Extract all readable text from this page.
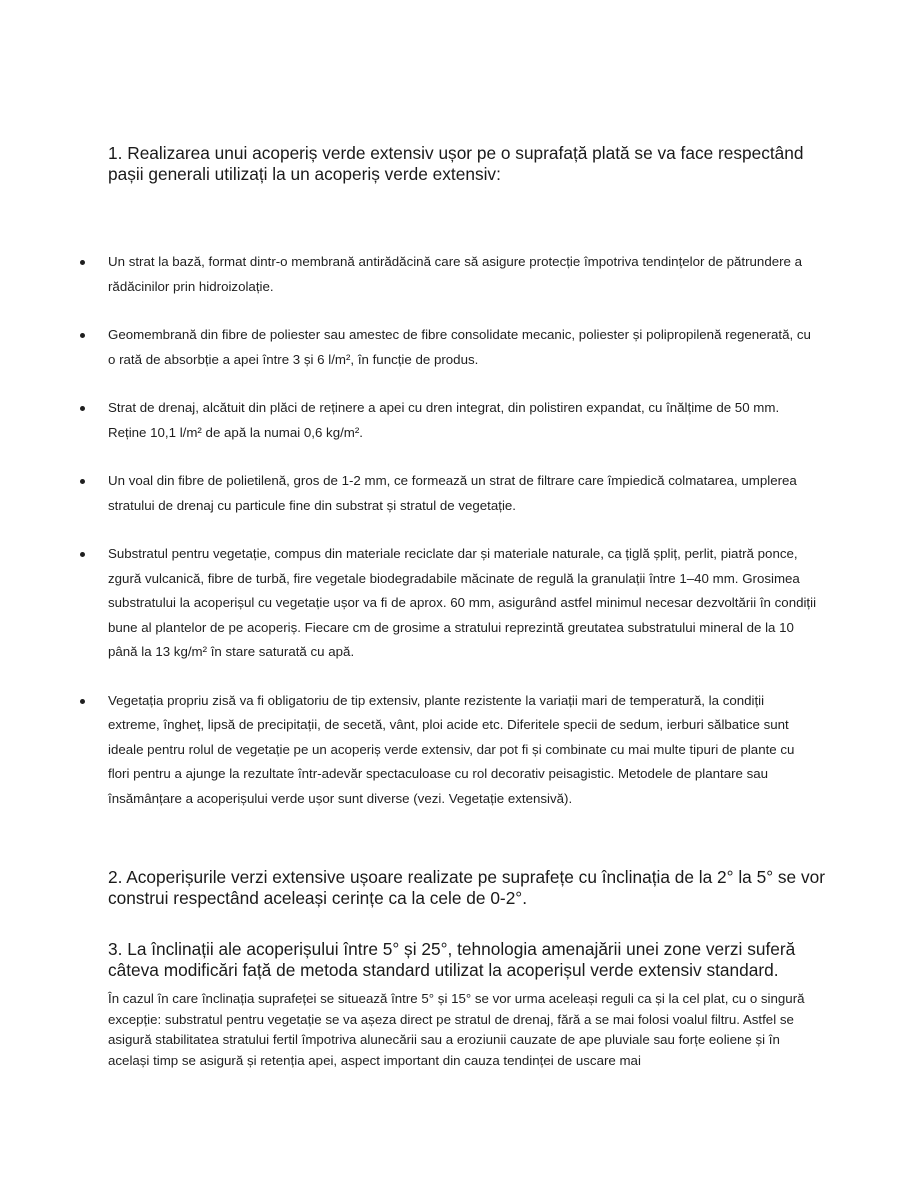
1. Realizarea unui acoperiș verde extensiv ușor pe o suprafață plată se va face respectând pașii generali utilizați la un acoperiș verde extensiv:
Un strat la bază, format dintr-o membrană antirădăcină care să asigure protecție împotriva tendințelor de pătrundere a rădăcinilor prin hidroizolație.
Geomembrană din fibre de poliester sau amestec de fibre consolidate mecanic, poliester și polipropilenă regenerată, cu o rată de absorbție a apei între 3 și 6 l/m², în funcție de produs.
Strat de drenaj, alcătuit din plăci de reținere a apei cu dren integrat, din polistiren expandat, cu înălțime de 50 mm. Reține 10,1 l/m² de apă la numai 0,6 kg/m².
Un voal din fibre de polietilenă, gros de 1-2 mm, ce formează un strat de filtrare care împiedică colmatarea, umplerea stratului de drenaj cu particule fine din substrat și stratul de vegetație.
Substratul pentru vegetație, compus din materiale reciclate dar și materiale naturale, ca țiglă șpliț, perlit, piatră ponce, zgură vulcanică, fibre de turbă, fire vegetale biodegradabile măcinate de regulă la granulații între 1–40 mm. Grosimea substratului la acoperișul cu vegetație ușor va fi de aprox. 60 mm, asigurând astfel minimul necesar dezvoltării în condiții bune al plantelor de pe acoperiș. Fiecare cm de grosime a stratului reprezintă greutatea substratului mineral de la 10 până la 13 kg/m² în stare saturată cu apă.
Vegetația propriu zisă va fi obligatoriu de tip extensiv, plante rezistente la variații mari de temperatură, la condiții extreme, îngheț, lipsă de precipitații, de secetă, vânt, ploi acide etc. Diferitele specii de sedum, ierburi sălbatice sunt ideale pentru rolul de vegetație pe un acoperiș verde extensiv, dar pot fi și combinate cu mai multe tipuri de plante cu flori pentru a ajunge la rezultate într-adevăr spectaculoase cu rol decorativ peisagistic. Metodele de plantare sau însămânțare a acoperișului verde ușor sunt diverse (vezi. Vegetație extensivă).
2. Acoperișurile verzi extensive ușoare realizate pe suprafețe cu înclinația de la 2° la 5° se vor construi respectând aceleași cerințe ca la cele de 0-2°.
3. La înclinații ale acoperișului între 5° și 25°, tehnologia amenajării unei zone verzi suferă câteva modificări față de metoda standard utilizat la acoperișul verde extensiv standard.

În cazul în care înclinația suprafeței se situează între 5° și 15° se vor urma aceleași reguli ca și la cel plat, cu o singură excepție: substratul pentru vegetație se va așeza direct pe stratul de drenaj, fără a se mai folosi voalul filtru. Astfel se asigură stabilitatea stratului fertil împotriva alunecării sau a eroziunii cauzate de ape pluviale sau forțe eoliene și în același timp se asigură și retenția apei, aspect important din cauza tendinței de uscare mai
